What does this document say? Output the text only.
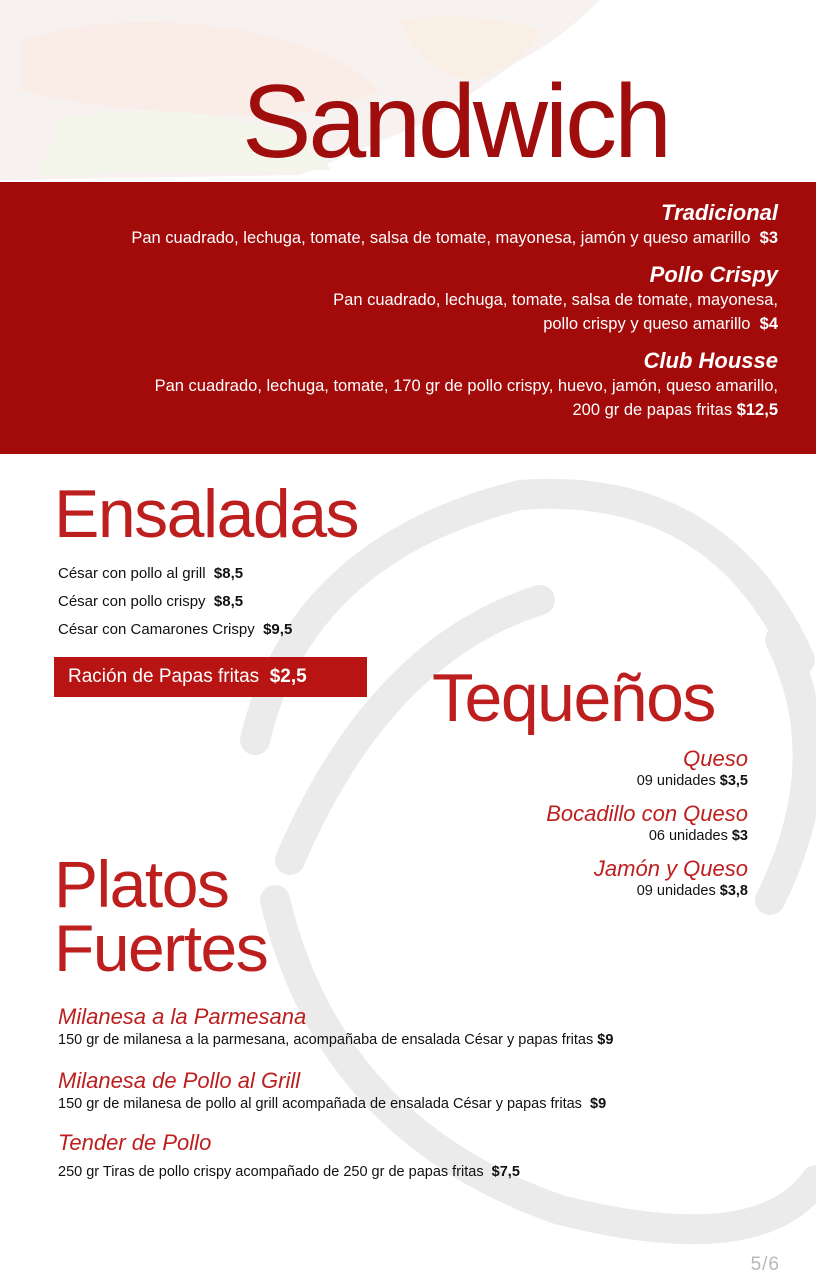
Sandwich
Tradicional
Pan cuadrado, lechuga, tomate, salsa de tomate, mayonesa, jamón y queso amarillo $3
Pollo Crispy
Pan cuadrado, lechuga, tomate, salsa de tomate, mayonesa,
pollo crispy y queso amarillo $4
Club Housse
Pan cuadrado, lechuga, tomate, 170 gr de pollo crispy, huevo, jamón, queso amarillo,
200 gr de papas fritas $12,5
Ensaladas
César con pollo al grill $8,5
César con pollo crispy $8,5
César con Camarones Crispy $9,5
Ración de Papas fritas $2,5	Tequeños
Queso
09 unidades $3,5
Bocadillo con Queso
06 unidades $3
Jamón y Queso
09 unidades $3,8
Platos
Fuertes
Milanesa a la Parmesana
150 gr de milanesa a la parmesana, acompañaba de ensalada César y papas fritas $9
Milanesa de Pollo al Grill
150 gr de milanesa de pollo al grill acompañada de ensalada César y papas fritas $9
Tender de Pollo
250 gr Tiras de pollo crispy acompañado de 250 gr de papas fritas $7,5
5/6
